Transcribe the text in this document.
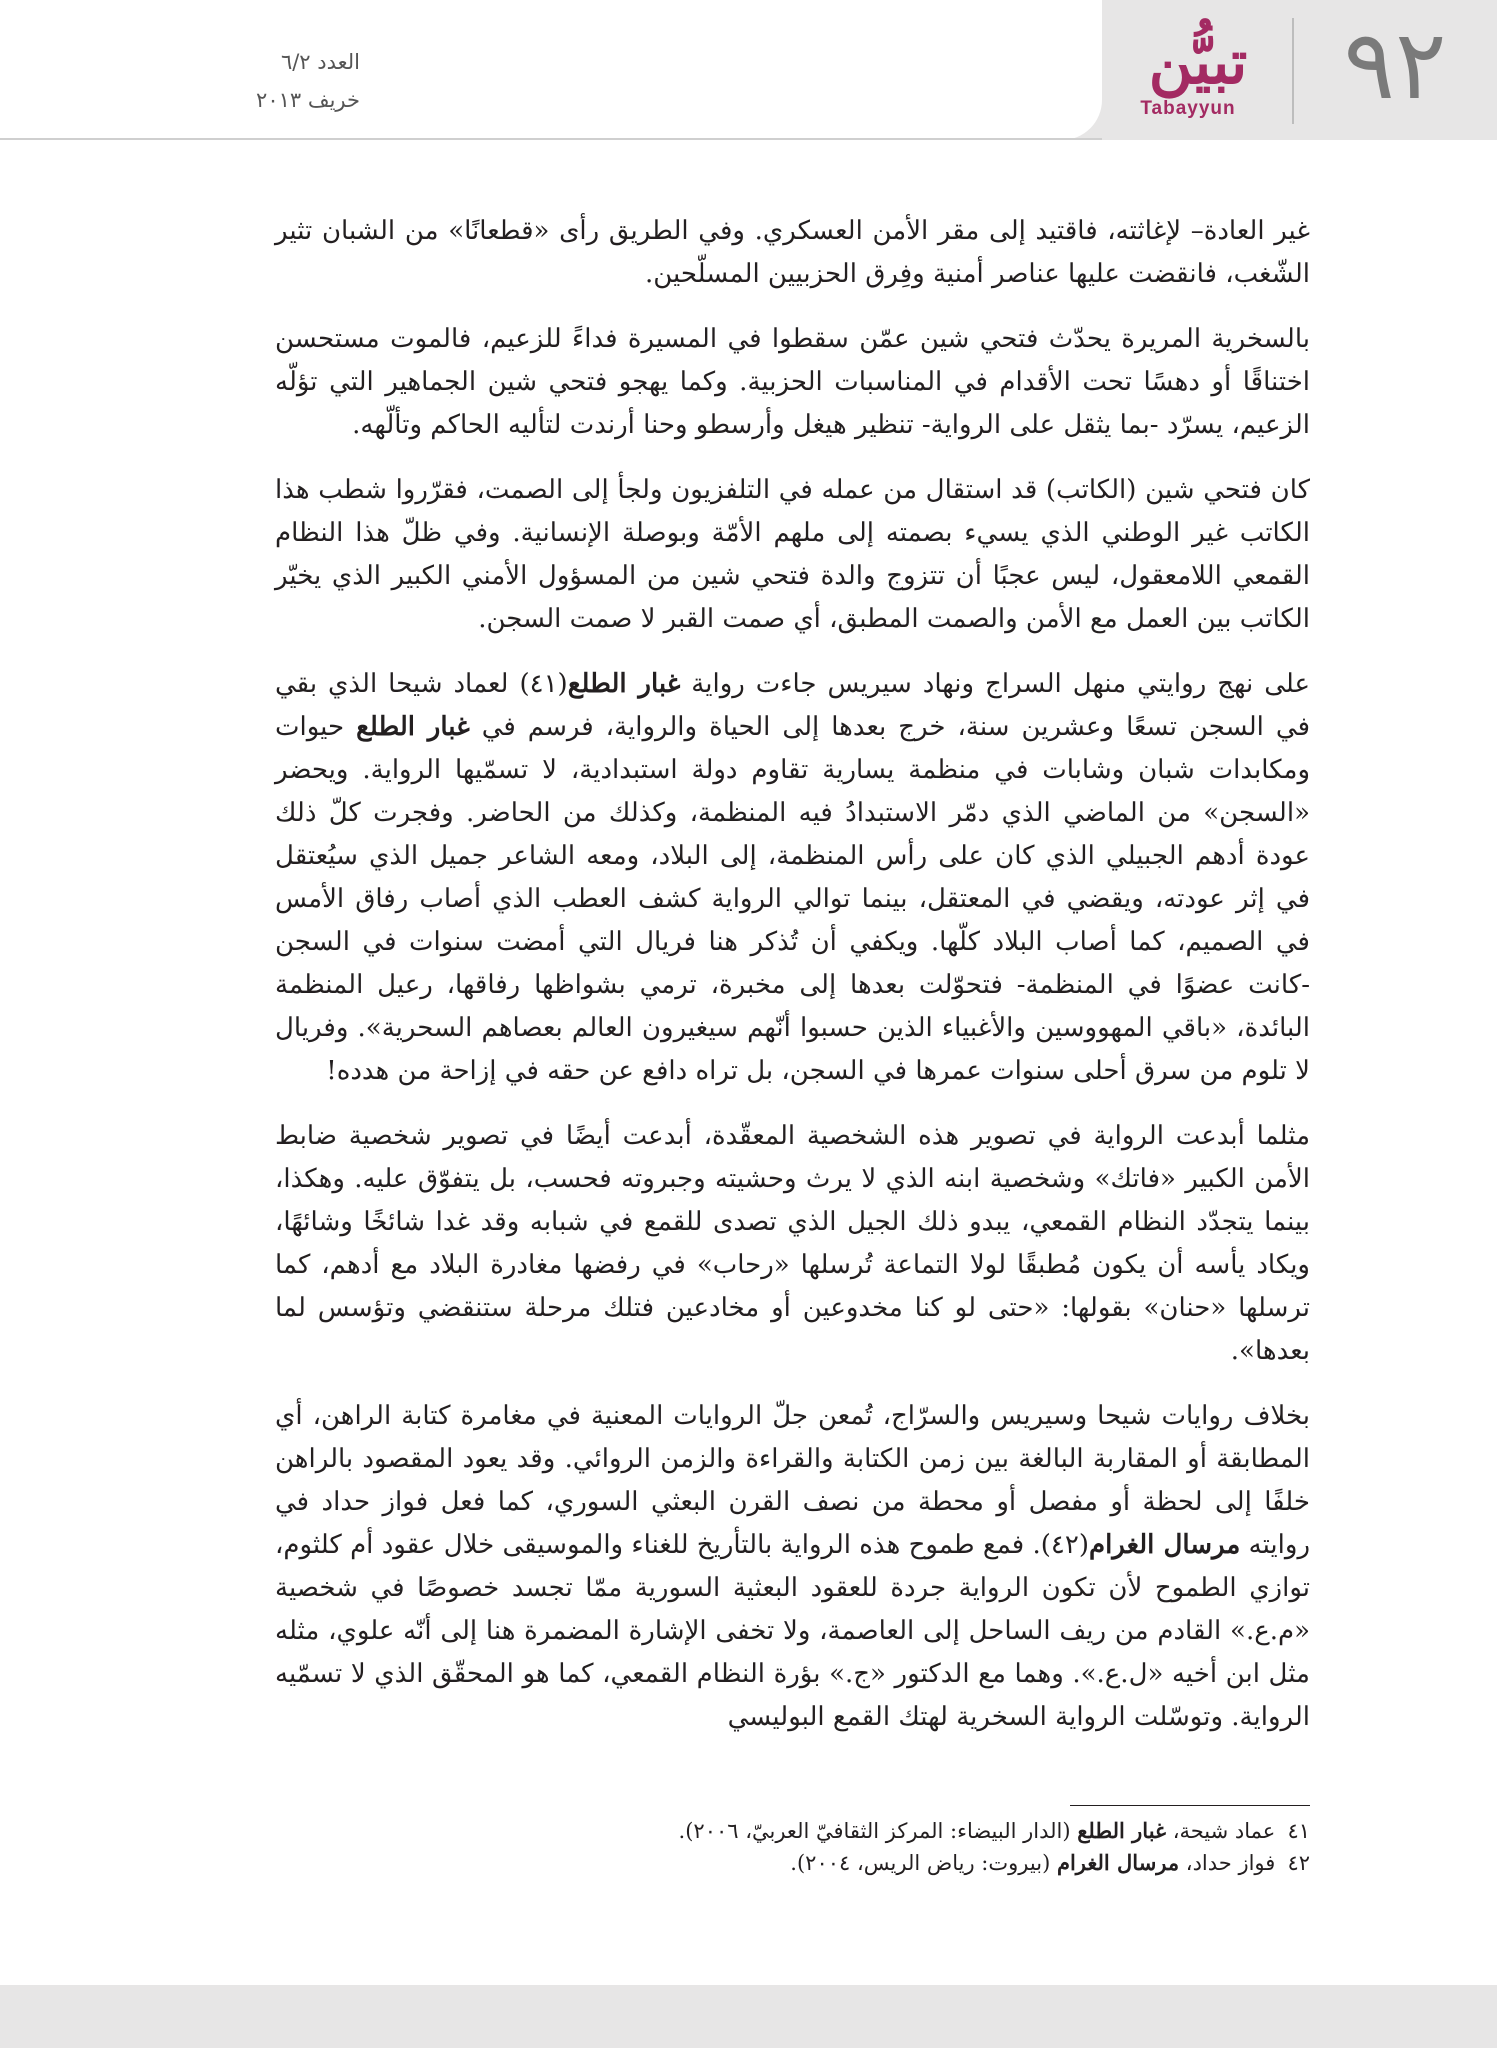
٩٢
تبيُّن
Tabayyun
العدد ٦/٢
خريف ٢٠١٣

غير العادة– لإغاثته، فاقتيد إلى مقر الأمن العسكري. وفي الطريق رأى «قطعانًا» من الشبان تثير الشّغب، فانقضت عليها عناصر أمنية وفِرق الحزبيين المسلّحين.

بالسخرية المريرة يحدّث فتحي شين عمّن سقطوا في المسيرة فداءً للزعيم، فالموت مستحسن اختناقًا أو دهسًا تحت الأقدام في المناسبات الحزبية. وكما يهجو فتحي شين الجماهير التي تؤلّه الزعيم، يسرّد -بما يثقل على الرواية- تنظير هيغل وأرسطو وحنا أرندت لتأليه الحاكم وتألّهه.

كان فتحي شين (الكاتب) قد استقال من عمله في التلفزيون ولجأ إلى الصمت، فقرّروا شطب هذا الكاتب غير الوطني الذي يسيء بصمته إلى ملهم الأمّة وبوصلة الإنسانية. وفي ظلّ هذا النظام القمعي اللامعقول، ليس عجبًا أن تتزوج والدة فتحي شين من المسؤول الأمني الكبير الذي يخيّر الكاتب بين العمل مع الأمن والصمت المطبق، أي صمت القبر لا صمت السجن.

على نهج روايتي منهل السراج ونهاد سيريس جاءت رواية غبار الطلع(٤١) لعماد شيحا الذي بقي في السجن تسعًا وعشرين سنة، خرج بعدها إلى الحياة والرواية، فرسم في غبار الطلع حيوات ومكابدات شبان وشابات في منظمة يسارية تقاوم دولة استبدادية، لا تسمّيها الرواية. ويحضر «السجن» من الماضي الذي دمّر الاستبدادُ فيه المنظمة، وكذلك من الحاضر. وفجرت كلّ ذلك عودة أدهم الجبيلي الذي كان على رأس المنظمة، إلى البلاد، ومعه الشاعر جميل الذي سيُعتقل في إثر عودته، ويقضي في المعتقل، بينما توالي الرواية كشف العطب الذي أصاب رفاق الأمس في الصميم، كما أصاب البلاد كلّها. ويكفي أن تُذكر هنا فريال التي أمضت سنوات في السجن -كانت عضوًا في المنظمة- فتحوّلت بعدها إلى مخبرة، ترمي بشواظها رفاقها، رعيل المنظمة البائدة، «باقي المهووسين والأغبياء الذين حسبوا أنّهم سيغيرون العالم بعصاهم السحرية». وفريال لا تلوم من سرق أحلى سنوات عمرها في السجن، بل تراه دافع عن حقه في إزاحة من هدده!

مثلما أبدعت الرواية في تصوير هذه الشخصية المعقّدة، أبدعت أيضًا في تصوير شخصية ضابط الأمن الكبير «فاتك» وشخصية ابنه الذي لا يرث وحشيته وجبروته فحسب، بل يتفوّق عليه. وهكذا، بينما يتجدّد النظام القمعي، يبدو ذلك الجيل الذي تصدى للقمع في شبابه وقد غدا شائخًا وشائهًا، ويكاد يأسه أن يكون مُطبقًا لولا التماعة تُرسلها «رحاب» في رفضها مغادرة البلاد مع أدهم، كما ترسلها «حنان» بقولها: «حتى لو كنا مخدوعين أو مخادعين فتلك مرحلة ستنقضي وتؤسس لما بعدها».

بخلاف روايات شيحا وسيريس والسرّاج، تُمعن جلّ الروايات المعنية في مغامرة كتابة الراهن، أي المطابقة أو المقاربة البالغة بين زمن الكتابة والقراءة والزمن الروائي. وقد يعود المقصود بالراهن خلفًا إلى لحظة أو مفصل أو محطة من نصف القرن البعثي السوري، كما فعل فواز حداد في روايته مرسال الغرام(٤٢). فمع طموح هذه الرواية بالتأريخ للغناء والموسيقى خلال عقود أم كلثوم، توازي الطموح لأن تكون الرواية جردة للعقود البعثية السورية ممّا تجسد خصوصًا في شخصية «م.ع.» القادم من ريف الساحل إلى العاصمة، ولا تخفى الإشارة المضمرة هنا إلى أنّه علوي، مثله مثل ابن أخيه «ل.ع.». وهما مع الدكتور «ج.» بؤرة النظام القمعي، كما هو المحقّق الذي لا تسمّيه الرواية. وتوسّلت الرواية السخرية لهتك القمع البوليسي

٤١ عماد شيحة، غبار الطلع (الدار البيضاء: المركز الثقافيّ العربيّ، ٢٠٠٦).

٤٢ فواز حداد، مرسال الغرام (بيروت: رياض الريس، ٢٠٠٤).
